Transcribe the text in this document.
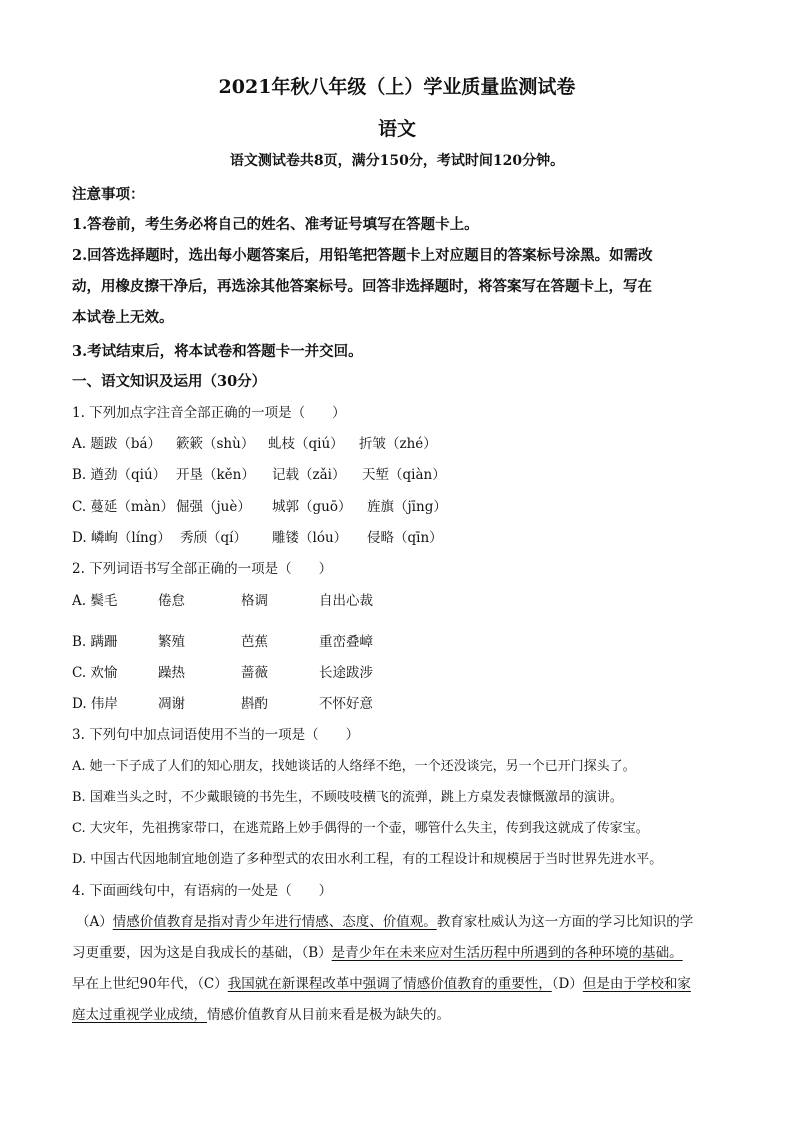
2021年秋八年级（上）学业质量监测试卷
语文
语文测试卷共8页，满分150分，考试时间120分钟。
注意事项：
1.答卷前，考生务必将自己的姓名、准考证号填写在答题卡上。
2.回答选择题时，选出每小题答案后，用铅笔把答题卡上对应题目的答案标号涂黑。如需改
动，用橡皮擦干净后，再选涂其他答案标号。回答非选择题时，将答案写在答题卡上，写在
本试卷上无效。
3.考试结束后，将本试卷和答题卡一并交回。
一、语文知识及运用（30分）
1. 下列加点字注音全部正确的一项是（　　）
A. 题跋（bá） 簌簌（shù） 虬枝（qiú） 折皱（zhé）
B. 遒劲（qiú） 开垦（kěn） 记载（zǎi） 天堑（qiàn）
C. 蔓延（màn） 倔强（juè） 城郭（guō） 旌旗（jīng）
D. 嶙峋（líng） 秀颀（qí） 雕镂（lóu） 侵略（qīn）
2. 下列词语书写全部正确的一项是（　　）
A. 鬓毛	倦怠	格调	自出心裁
B. 蹒跚	繁殖	芭蕉	重峦叠嶂
C. 欢愉	躁热	蔷薇	长途跋涉
D. 伟岸	凋谢	斟酌	不怀好意
3. 下列句中加点词语使用不当的一项是（　　）
A. 她一下子成了人们的知心朋友，找她谈话的人络绎不绝，一个还没谈完，另一个已开门探头了。
B. 国难当头之时，不少戴眼镜的书先生，不顾吱吱横飞的流弹，跳上方桌发表慷慨激昂的演讲。
C. 大灾年，先祖携家带口，在逃荒路上妙手偶得的一个壶，哪管什么失主，传到我这就成了传家宝。
D. 中国古代因地制宜地创造了多种型式的农田水利工程，有的工程设计和规模居于当时世界先进水平。
4. 下面画线句中，有语病的一处是（　　）
（A）情感价值教育是指对青少年进行情感、态度、价值观。教育家杜威认为这一方面的学习比知识的学
习更重要，因为这是自我成长的基础，（B）是青少年在未来应对生活历程中所遇到的各种环境的基础。
早在上世纪90年代，（C）我国就在新课程改革中强调了情感价值教育的重要性，（D）但是由于学校和家
庭太过重视学业成绩，情感价值教育从目前来看是极为缺失的。
